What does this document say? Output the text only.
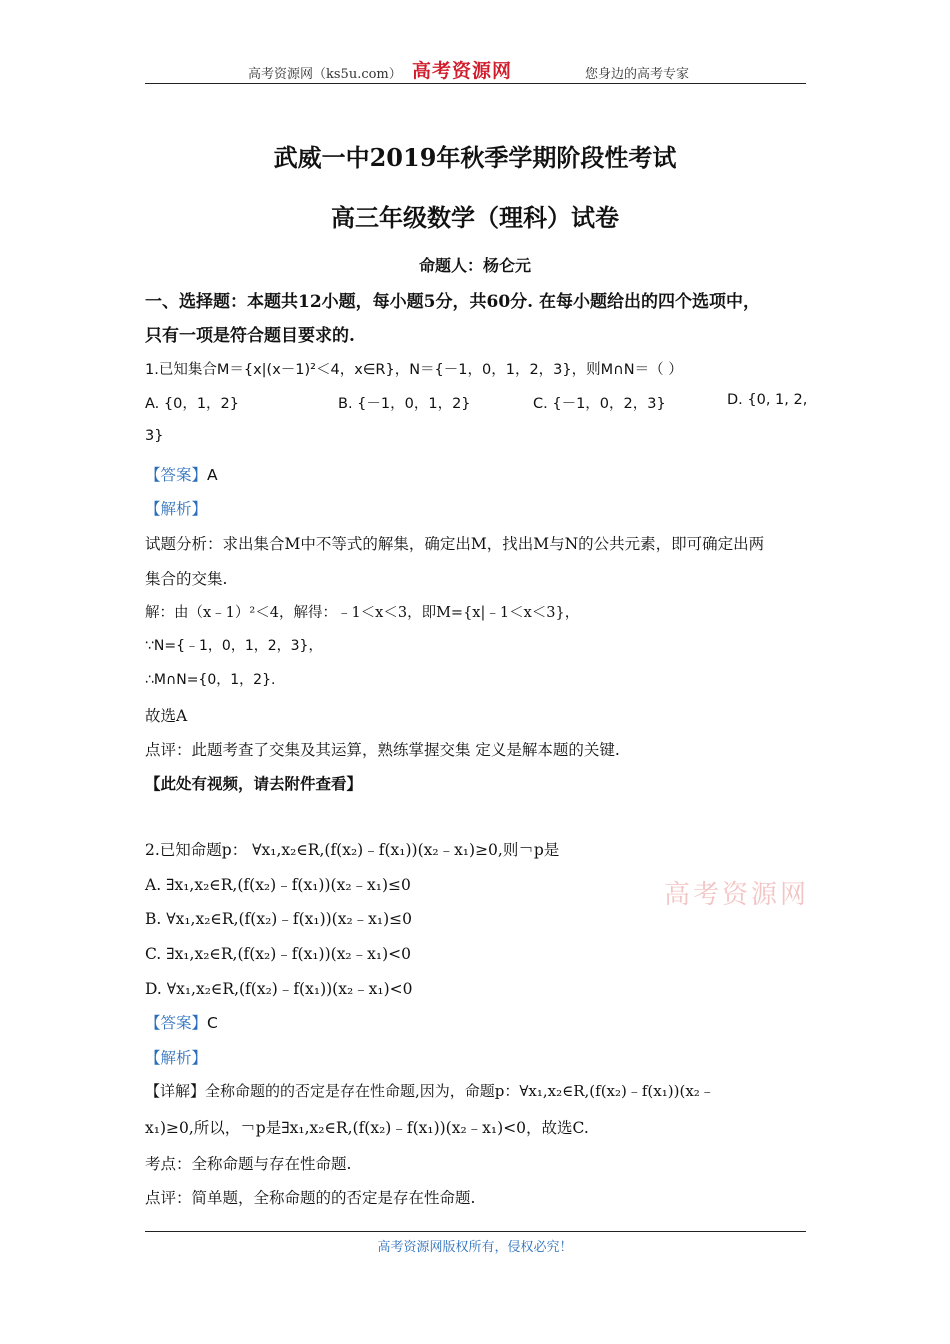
高考资源网（ks5u.com） 高考资源网	您身边的高考专家
武威一中2019年秋季学期阶段性考试
高三年级数学（理科）试卷
命题人：杨仑元
一、选择题：本题共12小题，每小题5分，共60分. 在每小题给出的四个选项中，
只有一项是符合题目要求的.
1.已知集合M＝{x|(x－1)²＜4，x∈R}，N＝{－1，0，1，2，3}，则M∩N＝（ ）
A. {0，1，2}	B. {－1，0，1，2}	C. {－1，0，2，3}	D. {0, 1, 2,
3}
【答案】A
【解析】
试题分析：求出集合M中不等式的解集，确定出M，找出M与N的公共元素，即可确定出两
集合的交集.
解：由（x﹣1）²＜4，解得：﹣1＜x＜3，即M={x|﹣1＜x＜3}，
∵N={﹣1，0，1，2，3}，
∴M∩N={0，1，2}.
故选A
点评：此题考查了交集及其运算，熟练掌握交集 定义是解本题的关键.
【此处有视频，请去附件查看】
2.已知命题p： ∀x₁,x₂∈R,(f(x₂)﹣f(x₁))(x₂﹣x₁)≥0,则￢p是
A. ∃x₁,x₂∈R,(f(x₂)﹣f(x₁))(x₂﹣x₁)≤0
B. ∀x₁,x₂∈R,(f(x₂)﹣f(x₁))(x₂﹣x₁)≤0
C. ∃x₁,x₂∈R,(f(x₂)﹣f(x₁))(x₂﹣x₁)<0
D. ∀x₁,x₂∈R,(f(x₂)﹣f(x₁))(x₂﹣x₁)<0
高考资源网
【答案】C
【解析】
【详解】全称命题的的否定是存在性命题,因为，命题p：∀x₁,x₂∈R,(f(x₂)﹣f(x₁))(x₂﹣
x₁)≥0,所以，￢p是∃x₁,x₂∈R,(f(x₂)﹣f(x₁))(x₂﹣x₁)<0，故选C.
考点：全称命题与存在性命题.
点评：简单题，全称命题的的否定是存在性命题.
高考资源网版权所有，侵权必究！
